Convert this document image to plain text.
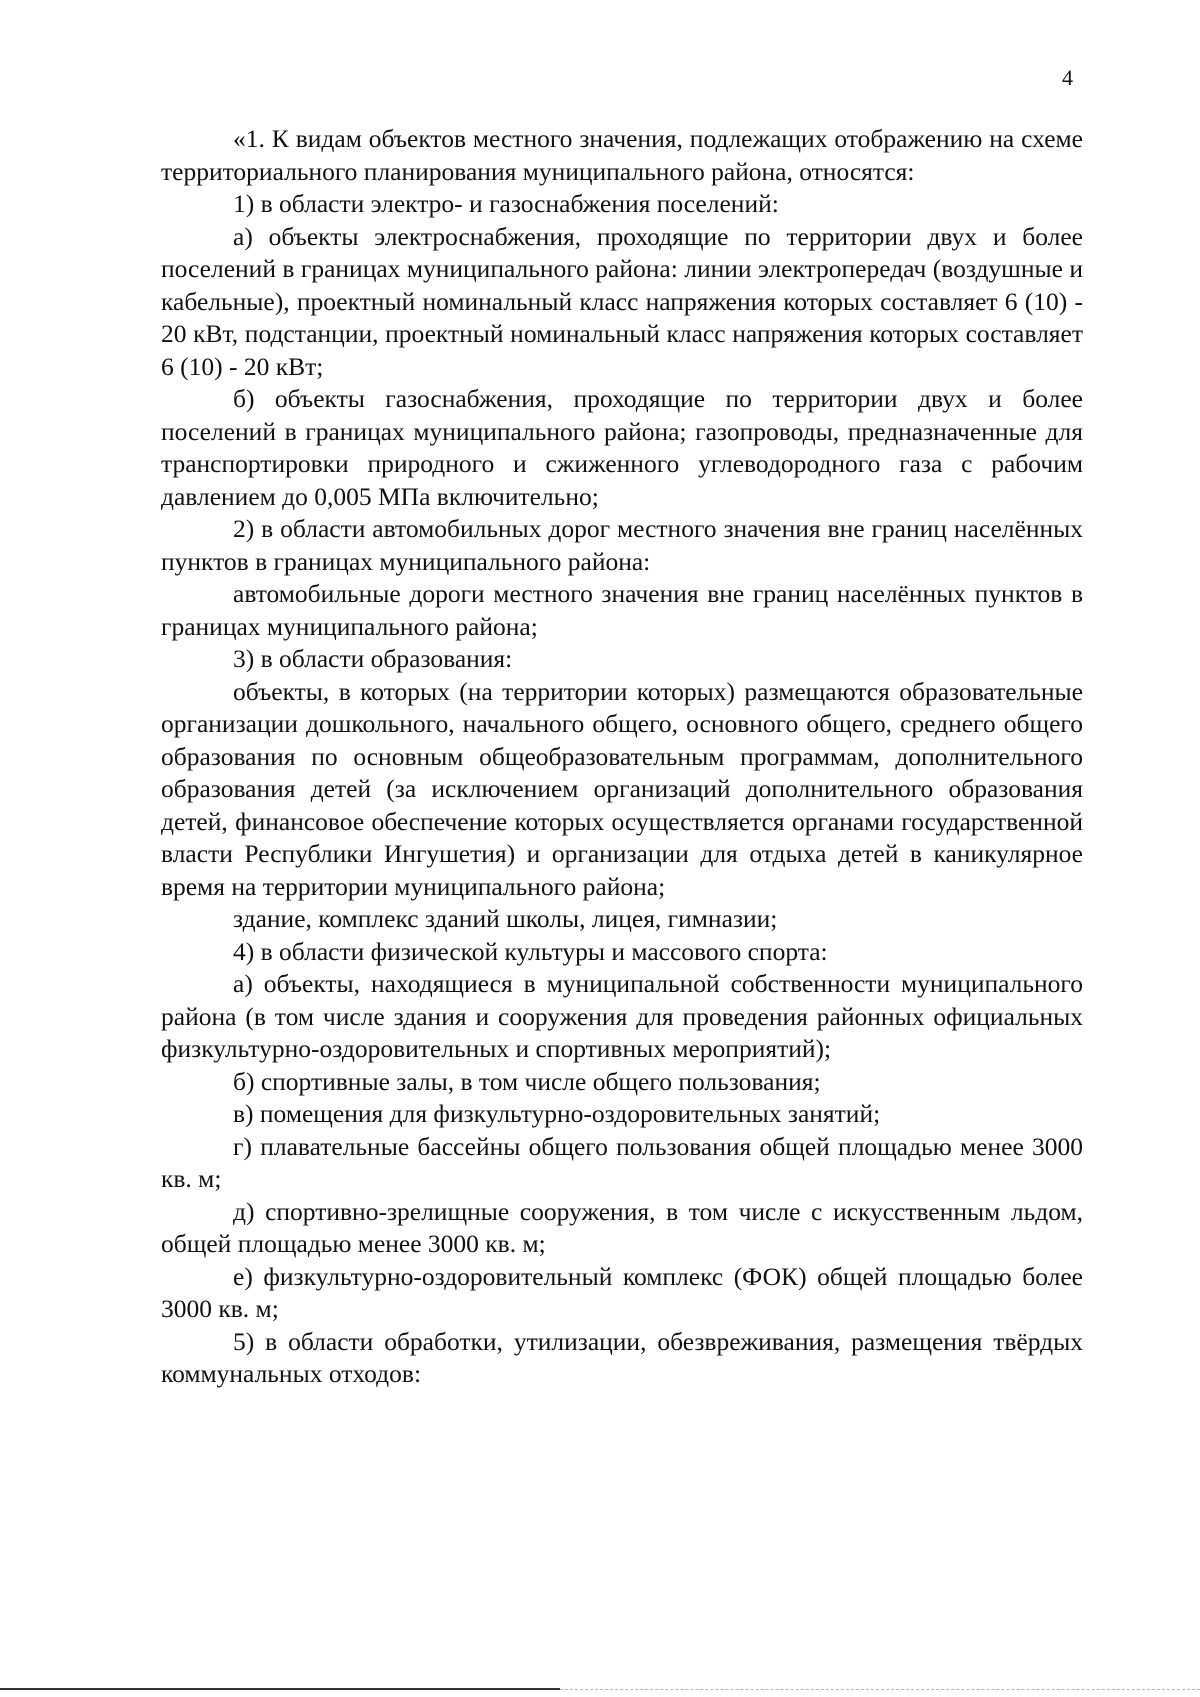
4

«1. К видам объектов местного значения, подлежащих отображению на схеме территориального планирования муниципального района, относятся:

1) в области электро- и газоснабжения поселений:

а) объекты электроснабжения, проходящие по территории двух и более поселений в границах муниципального района: линии электропередач (воздушные и кабельные), проектный номинальный класс напряжения которых составляет 6 (10) - 20 кВт, подстанции, проектный номинальный класс напряжения которых составляет 6 (10) - 20 кВт;

б) объекты газоснабжения, проходящие по территории двух и более поселений в границах муниципального района; газопроводы, предназначенные для транспортировки природного и сжиженного углеводородного газа с рабочим давлением до 0,005 МПа включительно;

2) в области автомобильных дорог местного значения вне границ населённых пунктов в границах муниципального района:

автомобильные дороги местного значения вне границ населённых пунктов в границах муниципального района;

3) в области образования:

объекты, в которых (на территории которых) размещаются образовательные организации дошкольного, начального общего, основного общего, среднего общего образования по основным общеобразовательным программам, дополнительного образования детей (за исключением организаций дополнительного образования детей, финансовое обеспечение которых осуществляется органами государственной власти Республики Ингушетия) и организации для отдыха детей в каникулярное время на территории муниципального района;

здание, комплекс зданий школы, лицея, гимназии;

4) в области физической культуры и массового спорта:

а) объекты, находящиеся в муниципальной собственности муниципального района (в том числе здания и сооружения для проведения районных официальных физкультурно-оздоровительных и спортивных мероприятий);

б) спортивные залы, в том числе общего пользования;

в) помещения для физкультурно-оздоровительных занятий;

г) плавательные бассейны общего пользования общей площадью менее 3000 кв. м;

д) спортивно-зрелищные сооружения, в том числе с искусственным льдом, общей площадью менее 3000 кв. м;

е) физкультурно-оздоровительный комплекс (ФОК) общей площадью более 3000 кв. м;

5) в области обработки, утилизации, обезвреживания, размещения твёрдых коммунальных отходов:
